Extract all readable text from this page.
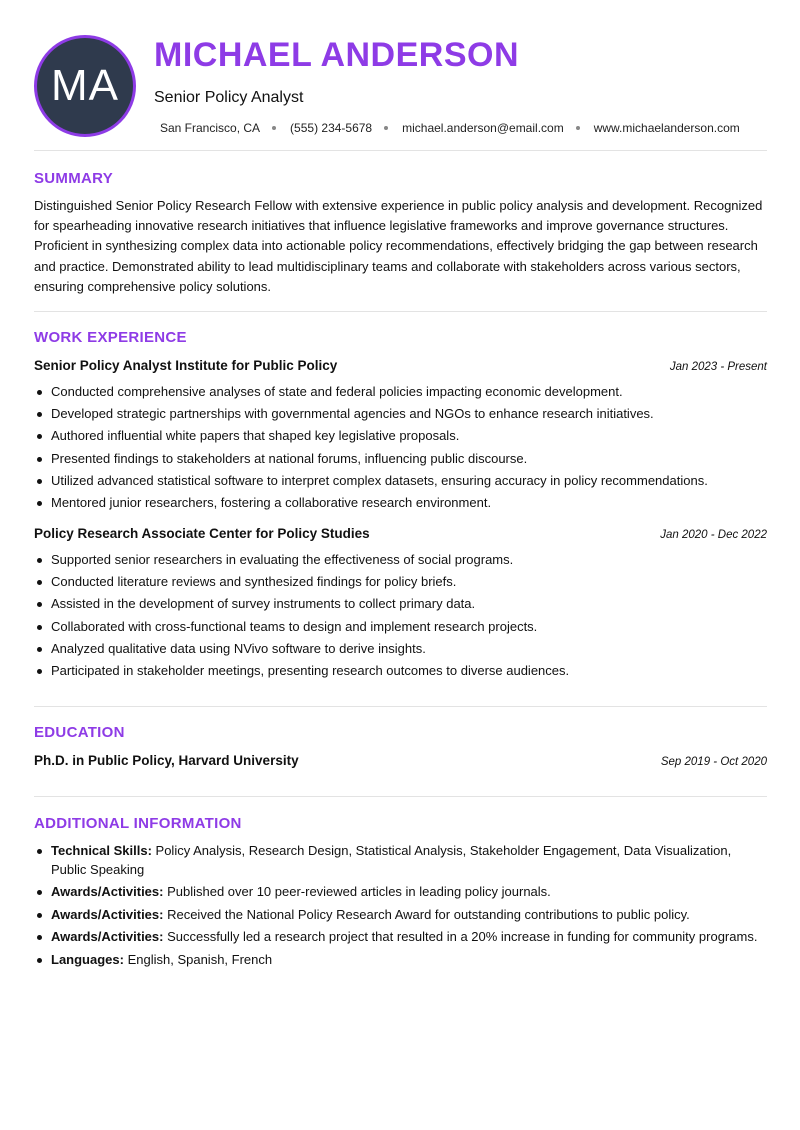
MA
MICHAEL ANDERSON
Senior Policy Analyst
San Francisco, CA	(555) 234-5678	michael.anderson@email.com	www.michaelanderson.com
SUMMARY

Distinguished Senior Policy Research Fellow with extensive experience in public policy analysis and development. Recognized for spearheading innovative research initiatives that influence legislative frameworks and improve governance structures. Proficient in synthesizing complex data into actionable policy recommendations, effectively bridging the gap between research and practice. Demonstrated ability to lead multidisciplinary teams and collaborate with stakeholders across various sectors, ensuring comprehensive policy solutions.

WORK EXPERIENCE
Senior Policy Analyst Institute for Public Policy	Jan 2023 - Present
Conducted comprehensive analyses of state and federal policies impacting economic development.
Developed strategic partnerships with governmental agencies and NGOs to enhance research initiatives.
Authored influential white papers that shaped key legislative proposals.
Presented findings to stakeholders at national forums, influencing public discourse.
Utilized advanced statistical software to interpret complex datasets, ensuring accuracy in policy recommendations.
Mentored junior researchers, fostering a collaborative research environment.
Policy Research Associate Center for Policy Studies	Jan 2020 - Dec 2022
Supported senior researchers in evaluating the effectiveness of social programs.
Conducted literature reviews and synthesized findings for policy briefs.
Assisted in the development of survey instruments to collect primary data.
Collaborated with cross-functional teams to design and implement research projects.
Analyzed qualitative data using NVivo software to derive insights.
Participated in stakeholder meetings, presenting research outcomes to diverse audiences.
EDUCATION
Ph.D. in Public Policy, Harvard University	Sep 2019 - Oct 2020
ADDITIONAL INFORMATION
Technical Skills: Policy Analysis, Research Design, Statistical Analysis, Stakeholder Engagement, Data Visualization, Public Speaking
Awards/Activities: Published over 10 peer-reviewed articles in leading policy journals.
Awards/Activities: Received the National Policy Research Award for outstanding contributions to public policy.
Awards/Activities: Successfully led a research project that resulted in a 20% increase in funding for community programs.
Languages: English, Spanish, French
